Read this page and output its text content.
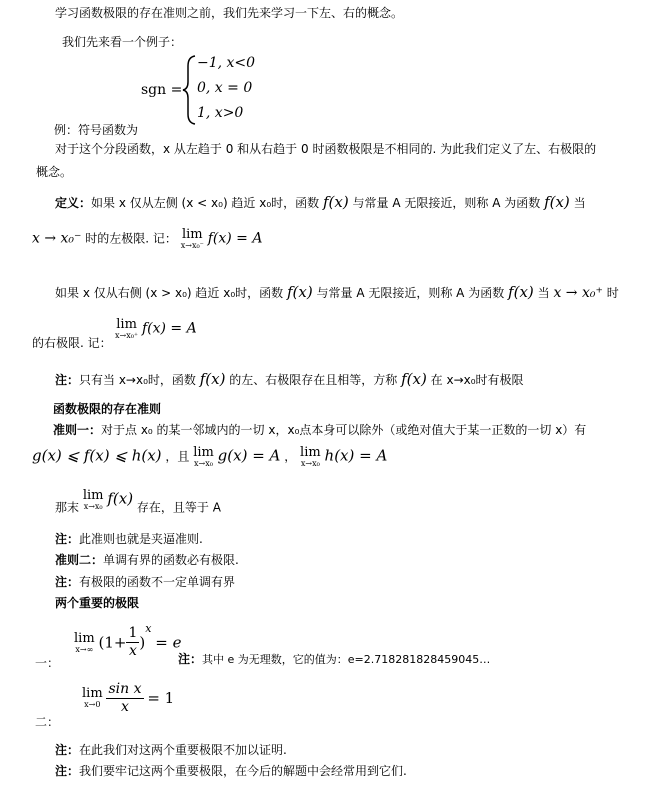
学习函数极限的存在准则之前，我们先来学习一下左、右的概念。
我们先来看一个例子：
sgn =
−1, x<0
0, x = 0
1, x>0
例：符号函数为
对于这个分段函数，x 从左趋于 0 和从右趋于 0 时函数极限是不相同的. 为此我们定义了左、右极限的
概念。
定义：如果 x 仅从左侧 (x < x₀) 趋近 x₀时，函数 f(x) 与常量 A 无限接近，则称 A 为函数 f(x) 当
x → x₀⁻ 时的左极限. 记： lim
x→x₀⁻ f(x) = A
如果 x 仅从右侧 (x > x₀) 趋近 x₀时，函数 f(x) 与常量 A 无限接近，则称 A 为函数 f(x) 当 x → x₀⁺ 时
lim
x→x₀⁺ f(x) = A
的右极限. 记：
注：只有当 x→x₀时，函数 f(x) 的左、右极限存在且相等，方称 f(x) 在 x→x₀时有极限
函数极限的存在准则
准则一：对于点 x₀ 的某一邻域内的一切 x，x₀点本身可以除外（或绝对值大于某一正数的一切 x）有
g(x) ⩽ f(x) ⩽ h(x) ，且 lim
x→x₀ g(x) = A ， lim
x→x₀ h(x) = A
那末
lim
x→x₀ f(x) 存在，且等于 A
注：此准则也就是夹逼准则.
准则二：单调有界的函数必有极限.
注：有极限的函数不一定单调有界
两个重要的极限
一：
lim
x→∞ $(1+ \frac{1}{x} )^x = e$
注：其中 e 为无理数，它的值为：e=2.718281828459045…
二：
lim
x→0
$\frac{\text{sin x}}{x} = 1$
注：在此我们对这两个重要极限不加以证明.
注：我们要牢记这两个重要极限，在今后的解题中会经常用到它们.
